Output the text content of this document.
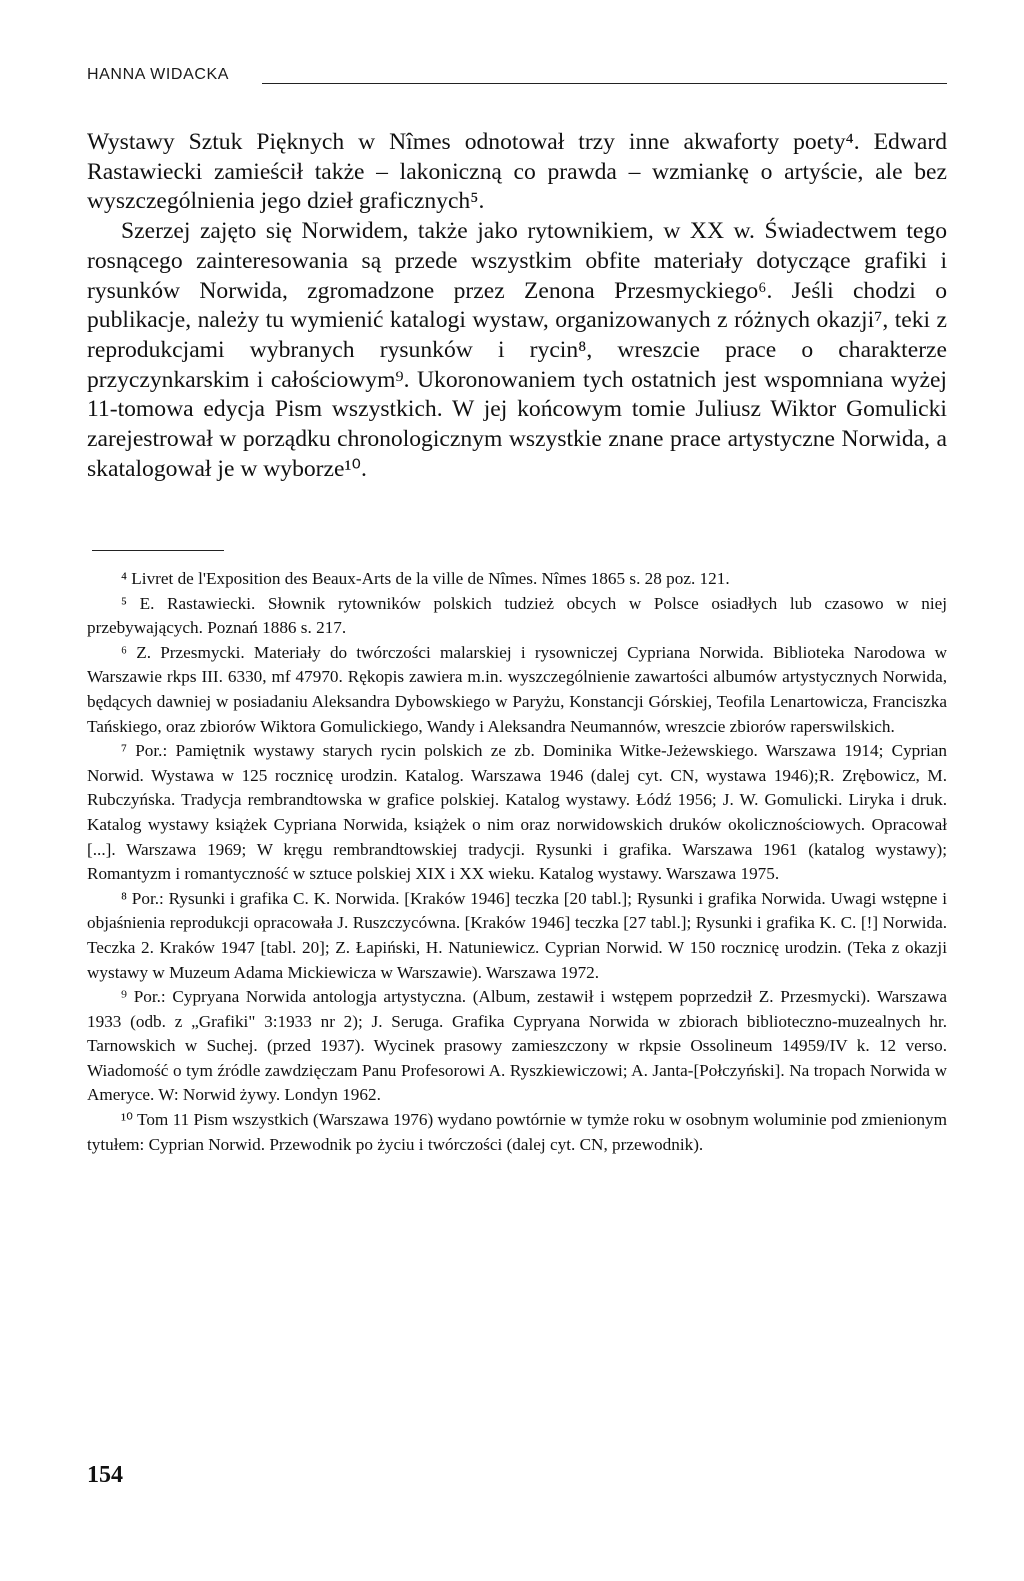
HANNA WIDACKA

Wystawy Sztuk Pięknych w Nîmes odnotował trzy inne akwaforty poety⁴. Edward Rastawiecki zamieścił także – lakoniczną co prawda – wzmiankę o artyście, ale bez wyszczególnienia jego dzieł graficznych⁵.

Szerzej zajęto się Norwidem, także jako rytownikiem, w XX w. Świadectwem tego rosnącego zainteresowania są przede wszystkim obfite materiały dotyczące grafiki i rysunków Norwida, zgromadzone przez Zenona Przesmyckiego⁶. Jeśli chodzi o publikacje, należy tu wymienić katalogi wystaw, organizowanych z różnych okazji⁷, teki z reprodukcjami wybranych rysunków i rycin⁸, wreszcie prace o charakterze przyczynkarskim i całościowym⁹. Ukoronowaniem tych ostatnich jest wspomniana wyżej 11-tomowa edycja Pism wszystkich. W jej końcowym tomie Juliusz Wiktor Gomulicki zarejestrował w porządku chronologicznym wszystkie znane prace artystyczne Norwida, a skatalogował je w wyborze¹⁰.

⁴ Livret de l'Exposition des Beaux-Arts de la ville de Nîmes. Nîmes 1865 s. 28 poz. 121.

⁵ E. Rastawiecki. Słownik rytowników polskich tudzież obcych w Polsce osiadłych lub czasowo w niej przebywających. Poznań 1886 s. 217.

⁶ Z. Przesmycki. Materiały do twórczości malarskiej i rysowniczej Cypriana Norwida. Biblioteka Narodowa w Warszawie rkps III. 6330, mf 47970. Rękopis zawiera m.in. wyszczególnienie zawartości albumów artystycznych Norwida, będących dawniej w posiadaniu Aleksandra Dybowskiego w Paryżu, Konstancji Górskiej, Teofila Lenartowicza, Franciszka Tańskiego, oraz zbiorów Wiktora Gomulickiego, Wandy i Aleksandra Neumannów, wreszcie zbiorów raperswilskich.

⁷ Por.: Pamiętnik wystawy starych rycin polskich ze zb. Dominika Witke-Jeżewskiego. Warszawa 1914; Cyprian Norwid. Wystawa w 125 rocznicę urodzin. Katalog. Warszawa 1946 (dalej cyt. CN, wystawa 1946);R. Zrębowicz, M. Rubczyńska. Tradycja rembrandtowska w grafice polskiej. Katalog wystawy. Łódź 1956; J. W. Gomulicki. Liryka i druk. Katalog wystawy książek Cypriana Norwida, książek o nim oraz norwidowskich druków okolicznościowych. Opracował [...]. Warszawa 1969; W kręgu rembrandtowskiej tradycji. Rysunki i grafika. Warszawa 1961 (katalog wystawy); Romantyzm i romantyczność w sztuce polskiej XIX i XX wieku. Katalog wystawy. Warszawa 1975.

⁸ Por.: Rysunki i grafika C. K. Norwida. [Kraków 1946] teczka [20 tabl.]; Rysunki i grafika Norwida. Uwagi wstępne i objaśnienia reprodukcji opracowała J. Ruszczycówna. [Kraków 1946] teczka [27 tabl.]; Rysunki i grafika K. C. [!] Norwida. Teczka 2. Kraków 1947 [tabl. 20]; Z. Łapiński, H. Natuniewicz. Cyprian Norwid. W 150 rocznicę urodzin. (Teka z okazji wystawy w Muzeum Adama Mickiewicza w Warszawie). Warszawa 1972.

⁹ Por.: Cypryana Norwida antologja artystyczna. (Album, zestawił i wstępem poprzedził Z. Przesmycki). Warszawa 1933 (odb. z „Grafiki" 3:1933 nr 2); J. Seruga. Grafika Cypryana Norwida w zbiorach biblioteczno-muzealnych hr. Tarnowskich w Suchej. (przed 1937). Wycinek prasowy zamieszczony w rkpsie Ossolineum 14959/IV k. 12 verso. Wiadomość o tym źródle zawdzięczam Panu Profesorowi A. Ryszkiewiczowi; A. Janta-[Połczyński]. Na tropach Norwida w Ameryce. W: Norwid żywy. Londyn 1962.

¹⁰ Tom 11 Pism wszystkich (Warszawa 1976) wydano powtórnie w tymże roku w osobnym woluminie pod zmienionym tytułem: Cyprian Norwid. Przewodnik po życiu i twórczości (dalej cyt. CN, przewodnik).

154
